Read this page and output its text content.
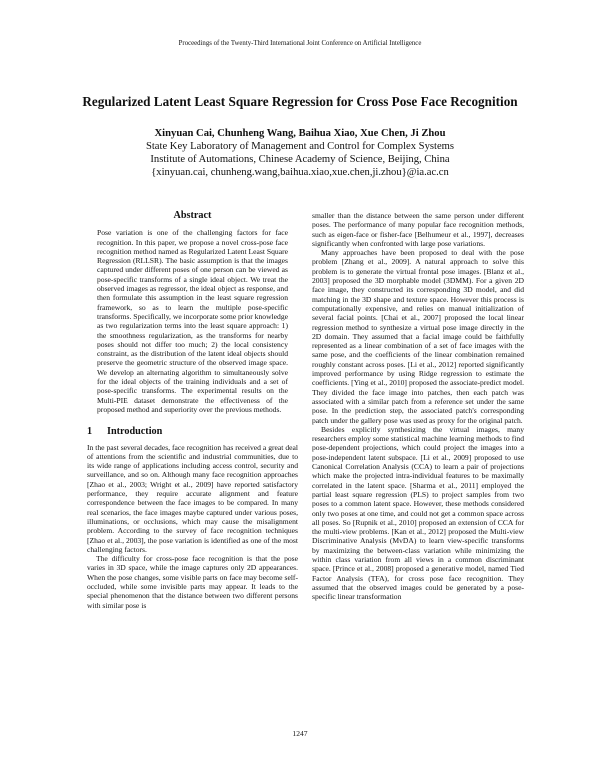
Proceedings of the Twenty-Third International Joint Conference on Artificial Intelligence
Regularized Latent Least Square Regression for Cross Pose Face Recognition
Xinyuan Cai, Chunheng Wang, Baihua Xiao, Xue Chen, Ji Zhou
State Key Laboratory of Management and Control for Complex Systems
Institute of Automations, Chinese Academy of Science, Beijing, China
{xinyuan.cai, chunheng.wang,baihua.xiao,xue.chen,ji.zhou}@ia.ac.cn
Abstract

Pose variation is one of the challenging factors for face recognition. In this paper, we propose a novel cross-pose face recognition method named as Regularized Latent Least Square Regression (RLLSR). The basic assumption is that the images captured under different poses of one person can be viewed as pose-specific transforms of a single ideal object. We treat the observed images as regressor, the ideal object as response, and then formulate this assumption in the least square regression framework, so as to learn the multiple pose-specific transforms. Specifically, we incorporate some prior knowledge as two regularization terms into the least square approach: 1) the smoothness regularization, as the transforms for nearby poses should not differ too much; 2) the local consistency constraint, as the distribution of the latent ideal objects should preserve the geometric structure of the observed image space. We develop an alternating algorithm to simultaneously solve for the ideal objects of the training individuals and a set of pose-specific transforms. The experimental results on the Multi-PIE dataset demonstrate the effectiveness of the proposed method and superiority over the previous methods.

1 Introduction

In the past several decades, face recognition has received a great deal of attentions from the scientific and industrial communities, due to its wide range of applications including access control, security and surveillance, and so on. Although many face recognition approaches [Zhao et al., 2003; Wright et al., 2009] have reported satisfactory performance, they require accurate alignment and feature correspondence between the face images to be compared. In many real scenarios, the face images maybe captured under various poses, illuminations, or occlusions, which may cause the misalignment problem. According to the survey of face recognition techniques [Zhao et al., 2003], the pose variation is identified as one of the most challenging factors.

The difficulty for cross-pose face recognition is that the pose varies in 3D space, while the image captures only 2D appearances. When the pose changes, some visible parts on face may become self-occluded, while some invisible parts may appear. It leads to the special phenomenon that the distance between two different persons with similar pose is

smaller than the distance between the same person under different poses. The performance of many popular face recognition methods, such as eigen-face or fisher-face [Belhumeur et al., 1997], decreases significantly when confronted with large pose variations.

Many approaches have been proposed to deal with the pose problem [Zhang et al., 2009]. A natural approach to solve this problem is to generate the virtual frontal pose images. [Blanz et al., 2003] proposed the 3D morphable model (3DMM). For a given 2D face image, they constructed its corresponding 3D model, and did matching in the 3D shape and texture space. However this process is computationally expensive, and relies on manual initialization of several facial points. [Chai et al., 2007] proposed the local linear regression method to synthesize a virtual pose image directly in the 2D domain. They assumed that a facial image could be faithfully represented as a linear combination of a set of face images with the same pose, and the coefficients of the linear combination remained roughly constant across poses. [Li et al., 2012] reported significantly improved performance by using Ridge regression to estimate the coefficients. [Ying et al., 2010] proposed the associate-predict model. They divided the face image into patches, then each patch was associated with a similar patch from a reference set under the same pose. In the prediction step, the associated patch's corresponding patch under the gallery pose was used as proxy for the original patch.

Besides explicitly synthesizing the virtual images, many researchers employ some statistical machine learning methods to find pose-dependent projections, which could project the images into a pose-independent latent subspace. [Li et al., 2009] proposed to use Canonical Correlation Analysis (CCA) to learn a pair of projections which make the projected intra-individual features to be maximally correlated in the latent space. [Sharma et al., 2011] employed the partial least square regression (PLS) to project samples from two poses to a common latent space. However, these methods considered only two poses at one time, and could not get a common space across all poses. So [Rupnik et al., 2010] proposed an extension of CCA for the multi-view problems. [Kan et al., 2012] proposed the Multi-view Discriminative Analysis (MvDA) to learn view-specific transforms by maximizing the between-class variation while minimizing the within class variation from all views in a common discriminant space. [Prince et al., 2008] proposed a generative model, named Tied Factor Analysis (TFA), for cross pose face recognition. They assumed that the observed images could be generated by a pose-specific linear transformation

1247
